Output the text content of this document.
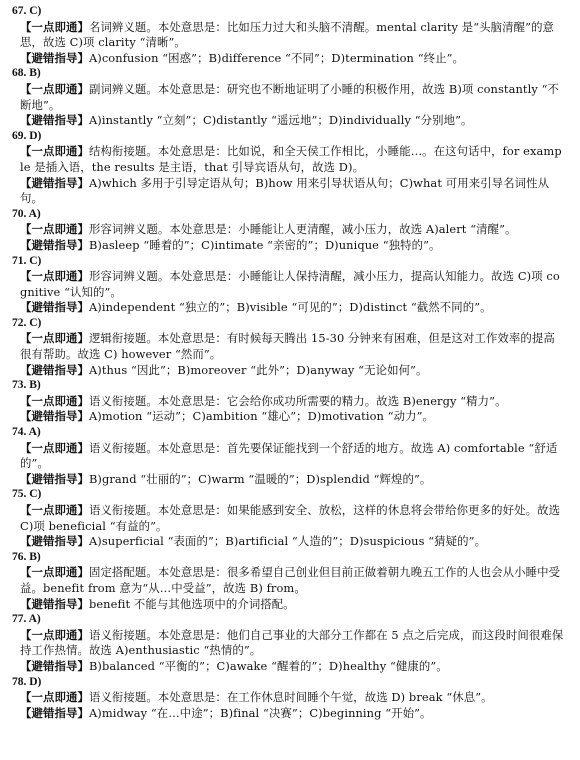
67. C)
【一点即通】名词辨义题。本处意思是：比如压力过大和头脑不清醒。mental clarity 是“头脑清醒”的意思，故选 C)项 clarity “清晰”。
【避错指导】A)confusion “困惑”；B)difference “不同”；D)termination “终止”。
68. B)
【一点即通】副词辨义题。本处意思是：研究也不断地证明了小睡的积极作用，故选 B)项 constantly “不断地”。
【避错指导】A)instantly “立刻”；C)distantly “遥远地”；D)individually “分别地”。
69. D)
【一点即通】结构衔接题。本处意思是：比如说，和全天侯工作相比，小睡能…。在这句话中，for example 是插入语，the results 是主语，that 引导宾语从句，故选 D)。
【避错指导】A)which 多用于引导定语从句；B)how 用来引导状语从句；C)what 可用来引导名词性从句。
70. A)
【一点即通】形容词辨义题。本处意思是：小睡能让人更清醒，减小压力，故选 A)alert “清醒”。
【避错指导】B)asleep “睡着的”；C)intimate “亲密的”；D)unique “独特的”。
71. C)
【一点即通】形容词辨义题。本处意思是：小睡能让人保持清醒，减小压力，提高认知能力。故选 C)项 cognitive “认知的”。
【避错指导】A)independent “独立的”；B)visible “可见的”；D)distinct “截然不同的”。
72. C)
【一点即通】逻辑衔接题。本处意思是：有时候每天腾出 15-30 分钟来有困难，但是这对工作效率的提高很有帮助。故选 C) however “然而”。
【避错指导】A)thus “因此”；B)moreover “此外”；D)anyway “无论如何”。
73. B)
【一点即通】语义衔接题。本处意思是：它会给你成功所需要的精力。故选 B)energy “精力”。
【避错指导】A)motion “运动”；C)ambition “雄心”；D)motivation “动力”。
74. A)
【一点即通】语义衔接题。本处意思是：首先要保证能找到一个舒适的地方。故选 A) comfortable “舒适的”。
【避错指导】B)grand “壮丽的”；C)warm “温暖的”；D)splendid “辉煌的”。
75. C)
【一点即通】语义衔接题。本处意思是：如果能感到安全、放松，这样的休息将会带给你更多的好处。故选 C)项 beneficial “有益的”。
【避错指导】A)superficial “表面的”；B)artificial “人造的”；D)suspicious “猜疑的”。
76. B)
【一点即通】固定搭配题。本处意思是：很多希望自己创业但目前正做着朝九晚五工作的人也会从小睡中受益。benefit from 意为“从…中受益”，故选 B) from。
【避错指导】benefit 不能与其他选项中的介词搭配。
77. A)
【一点即通】语义衔接题。本处意思是：他们自己事业的大部分工作都在 5 点之后完成，而这段时间很难保持工作热情。故选 A)enthusiastic “热情的”。
【避错指导】B)balanced “平衡的”；C)awake “醒着的”；D)healthy “健康的”。
78. D)
【一点即通】语义衔接题。本处意思是：在工作休息时间睡个午觉，故选 D) break “休息”。
【避错指导】A)midway “在…中途”；B)final “决赛”；C)beginning “开始”。
